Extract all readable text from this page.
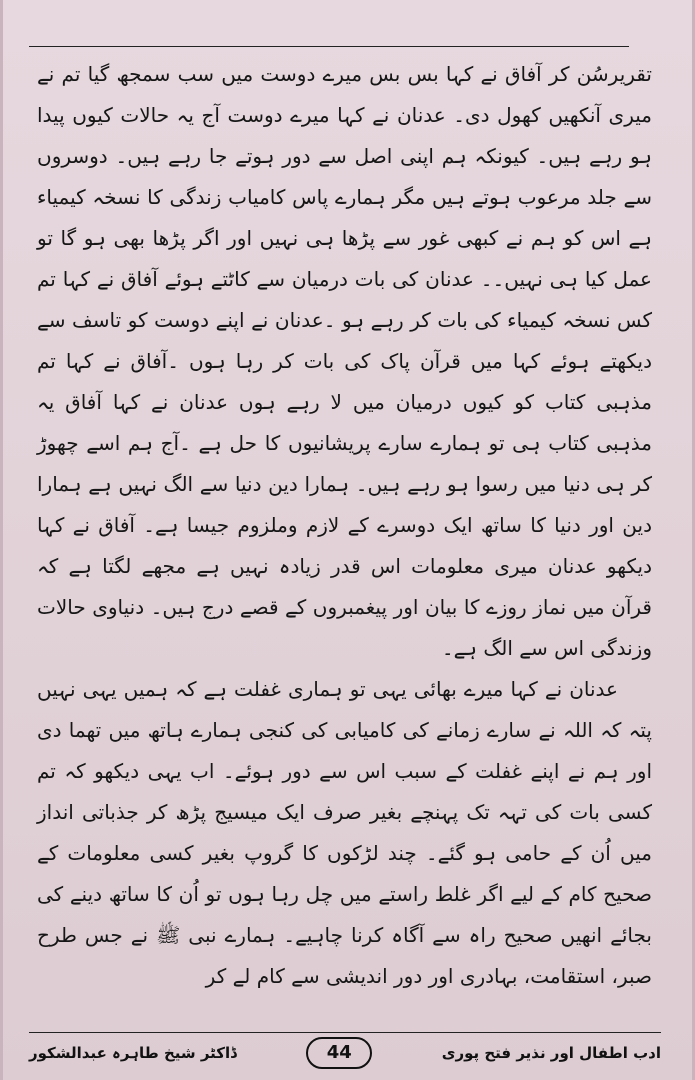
تقریرسُن کر آفاق نے کہا بس بس میرے دوست میں سب سمجھ گیا تم نے میری آنکھیں کھول دی۔ عدنان نے کہا میرے دوست آج یہ حالات کیوں پیدا ہو رہے ہیں۔ کیونکہ ہم اپنی اصل سے دور ہوتے جا رہے ہیں۔ دوسروں سے جلد مرعوب ہوتے ہیں مگر ہمارے پاس کامیاب زندگی کا نسخہ کیمیاء ہے اس کو ہم نے کبھی غور سے پڑھا ہی نہیں اور اگر پڑھا بھی ہو گا تو عمل کیا ہی نہیں۔۔ عدنان کی بات درمیان سے کاٹتے ہوئے آفاق نے کہا تم کس نسخہ کیمیاء کی بات کر رہے ہو ۔عدنان نے اپنے دوست کو تاسف سے دیکھتے ہوئے کہا میں قرآن پاک کی بات کر رہا ہوں ۔آفاق نے کہا تم مذہبی کتاب کو کیوں درمیان میں لا رہے ہوں عدنان نے کہا آفاق یہ مذہبی کتاب ہی تو ہمارے سارے پریشانیوں کا حل ہے ۔آج ہم اسے چھوڑ کر ہی دنیا میں رسوا ہو رہے ہیں۔ ہمارا دین دنیا سے الگ نہیں ہے ہمارا دین اور دنیا کا ساتھ ایک دوسرے کے لازم وملزوم جیسا ہے۔ آفاق نے کہا دیکھو عدنان میری معلومات اس قدر زیادہ نہیں ہے مجھے لگتا ہے کہ قرآن میں نماز روزے کا بیان اور پیغمبروں کے قصے درج ہیں۔ دنیاوی حالات وزندگی اس سے الگ ہے۔

عدنان نے کہا میرے بھائی یہی تو ہماری غفلت ہے کہ ہمیں یہی نہیں پتہ کہ اللہ نے سارے زمانے کی کامیابی کی کنجی ہمارے ہاتھ میں تھما دی اور ہم نے اپنے غفلت کے سبب اس سے دور ہوئے۔ اب یہی دیکھو کہ تم کسی بات کی تہہ تک پہنچے بغیر صرف ایک میسیج پڑھ کر جذباتی انداز میں اُن کے حامی ہو گئے۔ چند لڑکوں کا گروپ بغیر کسی معلومات کے صحیح کام کے لیے اگر غلط راستے میں چل رہا ہوں تو اُن کا ساتھ دینے کی بجائے انھیں صحیح راہ سے آگاہ کرنا چاہیے۔ ہمارے نبی ﷺ نے جس طرح صبر، استقامت، بہادری اور دور اندیشی سے کام لے کر

ڈاکٹر شیخ طاہرہ عبدالشکور	44	ادب اطفال اور نذیر فتح پوری
